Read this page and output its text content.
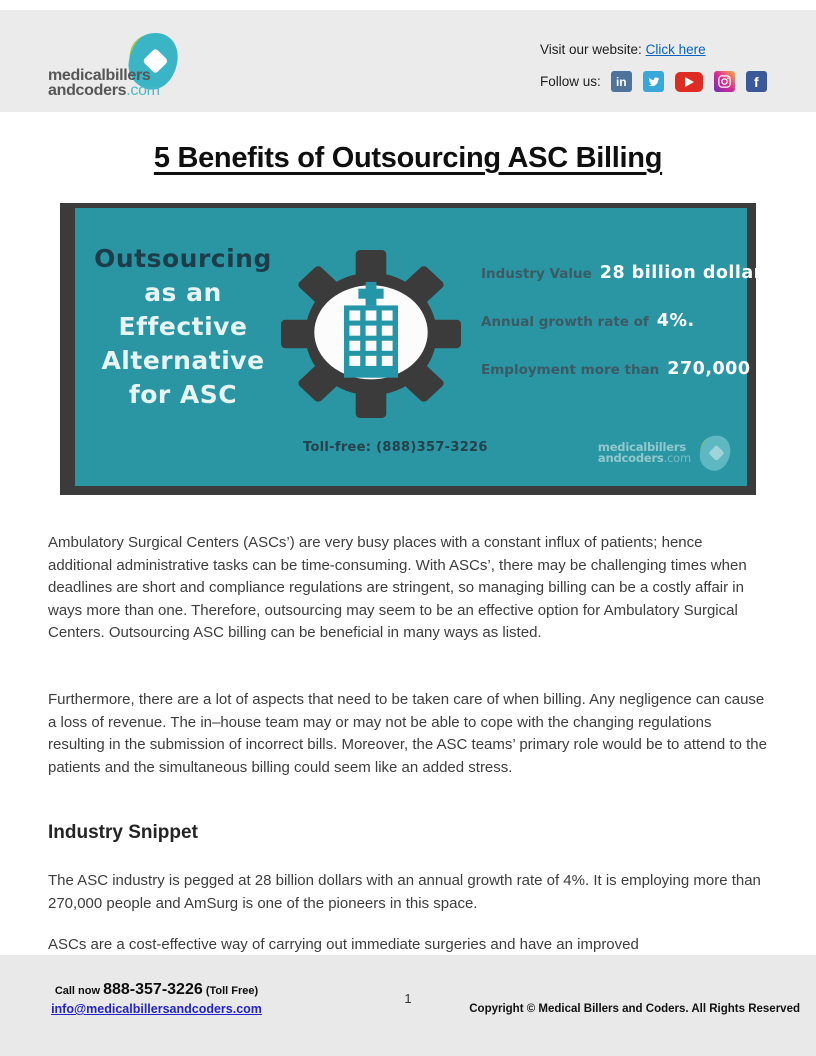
medicalbillers
andcoders.com
Visit our website: Click here
Follow us: in	f
5 Benefits of Outsourcing ASC Billing
Outsourcing
as an
Effective
Alternative
for ASC
Industry Value 28 billion dollars
Annual growth rate of 4%.
Employment more than 270,000
Toll-free: (888)357-3226	medicalbillers
andcoders.com

Ambulatory Surgical Centers (ASCs’) are very busy places with a constant influx of patients; hence additional administrative tasks can be time-consuming. With ASCs’, there may be challenging times when deadlines are short and compliance regulations are stringent, so managing billing can be a costly affair in ways more than one. Therefore, outsourcing may seem to be an effective option for Ambulatory Surgical Centers. Outsourcing ASC billing can be beneficial in many ways as listed.

Furthermore, there are a lot of aspects that need to be taken care of when billing. Any negligence can cause a loss of revenue. The in–house team may or may not be able to cope with the changing regulations resulting in the submission of incorrect bills. Moreover, the ASC teams’ primary role would be to attend to the patients and the simultaneous billing could seem like an added stress.

Industry Snippet

The ASC industry is pegged at 28 billion dollars with an annual growth rate of 4%. It is employing more than 270,000 people and AmSurg is one of the pioneers in this space.

ASCs are a cost-effective way of carrying out immediate surgeries and have an improved

Call now 888-357-3226 (Toll Free)
info@medicalbillersandcoders.com
1
Copyright © Medical Billers and Coders. All Rights Reserved
